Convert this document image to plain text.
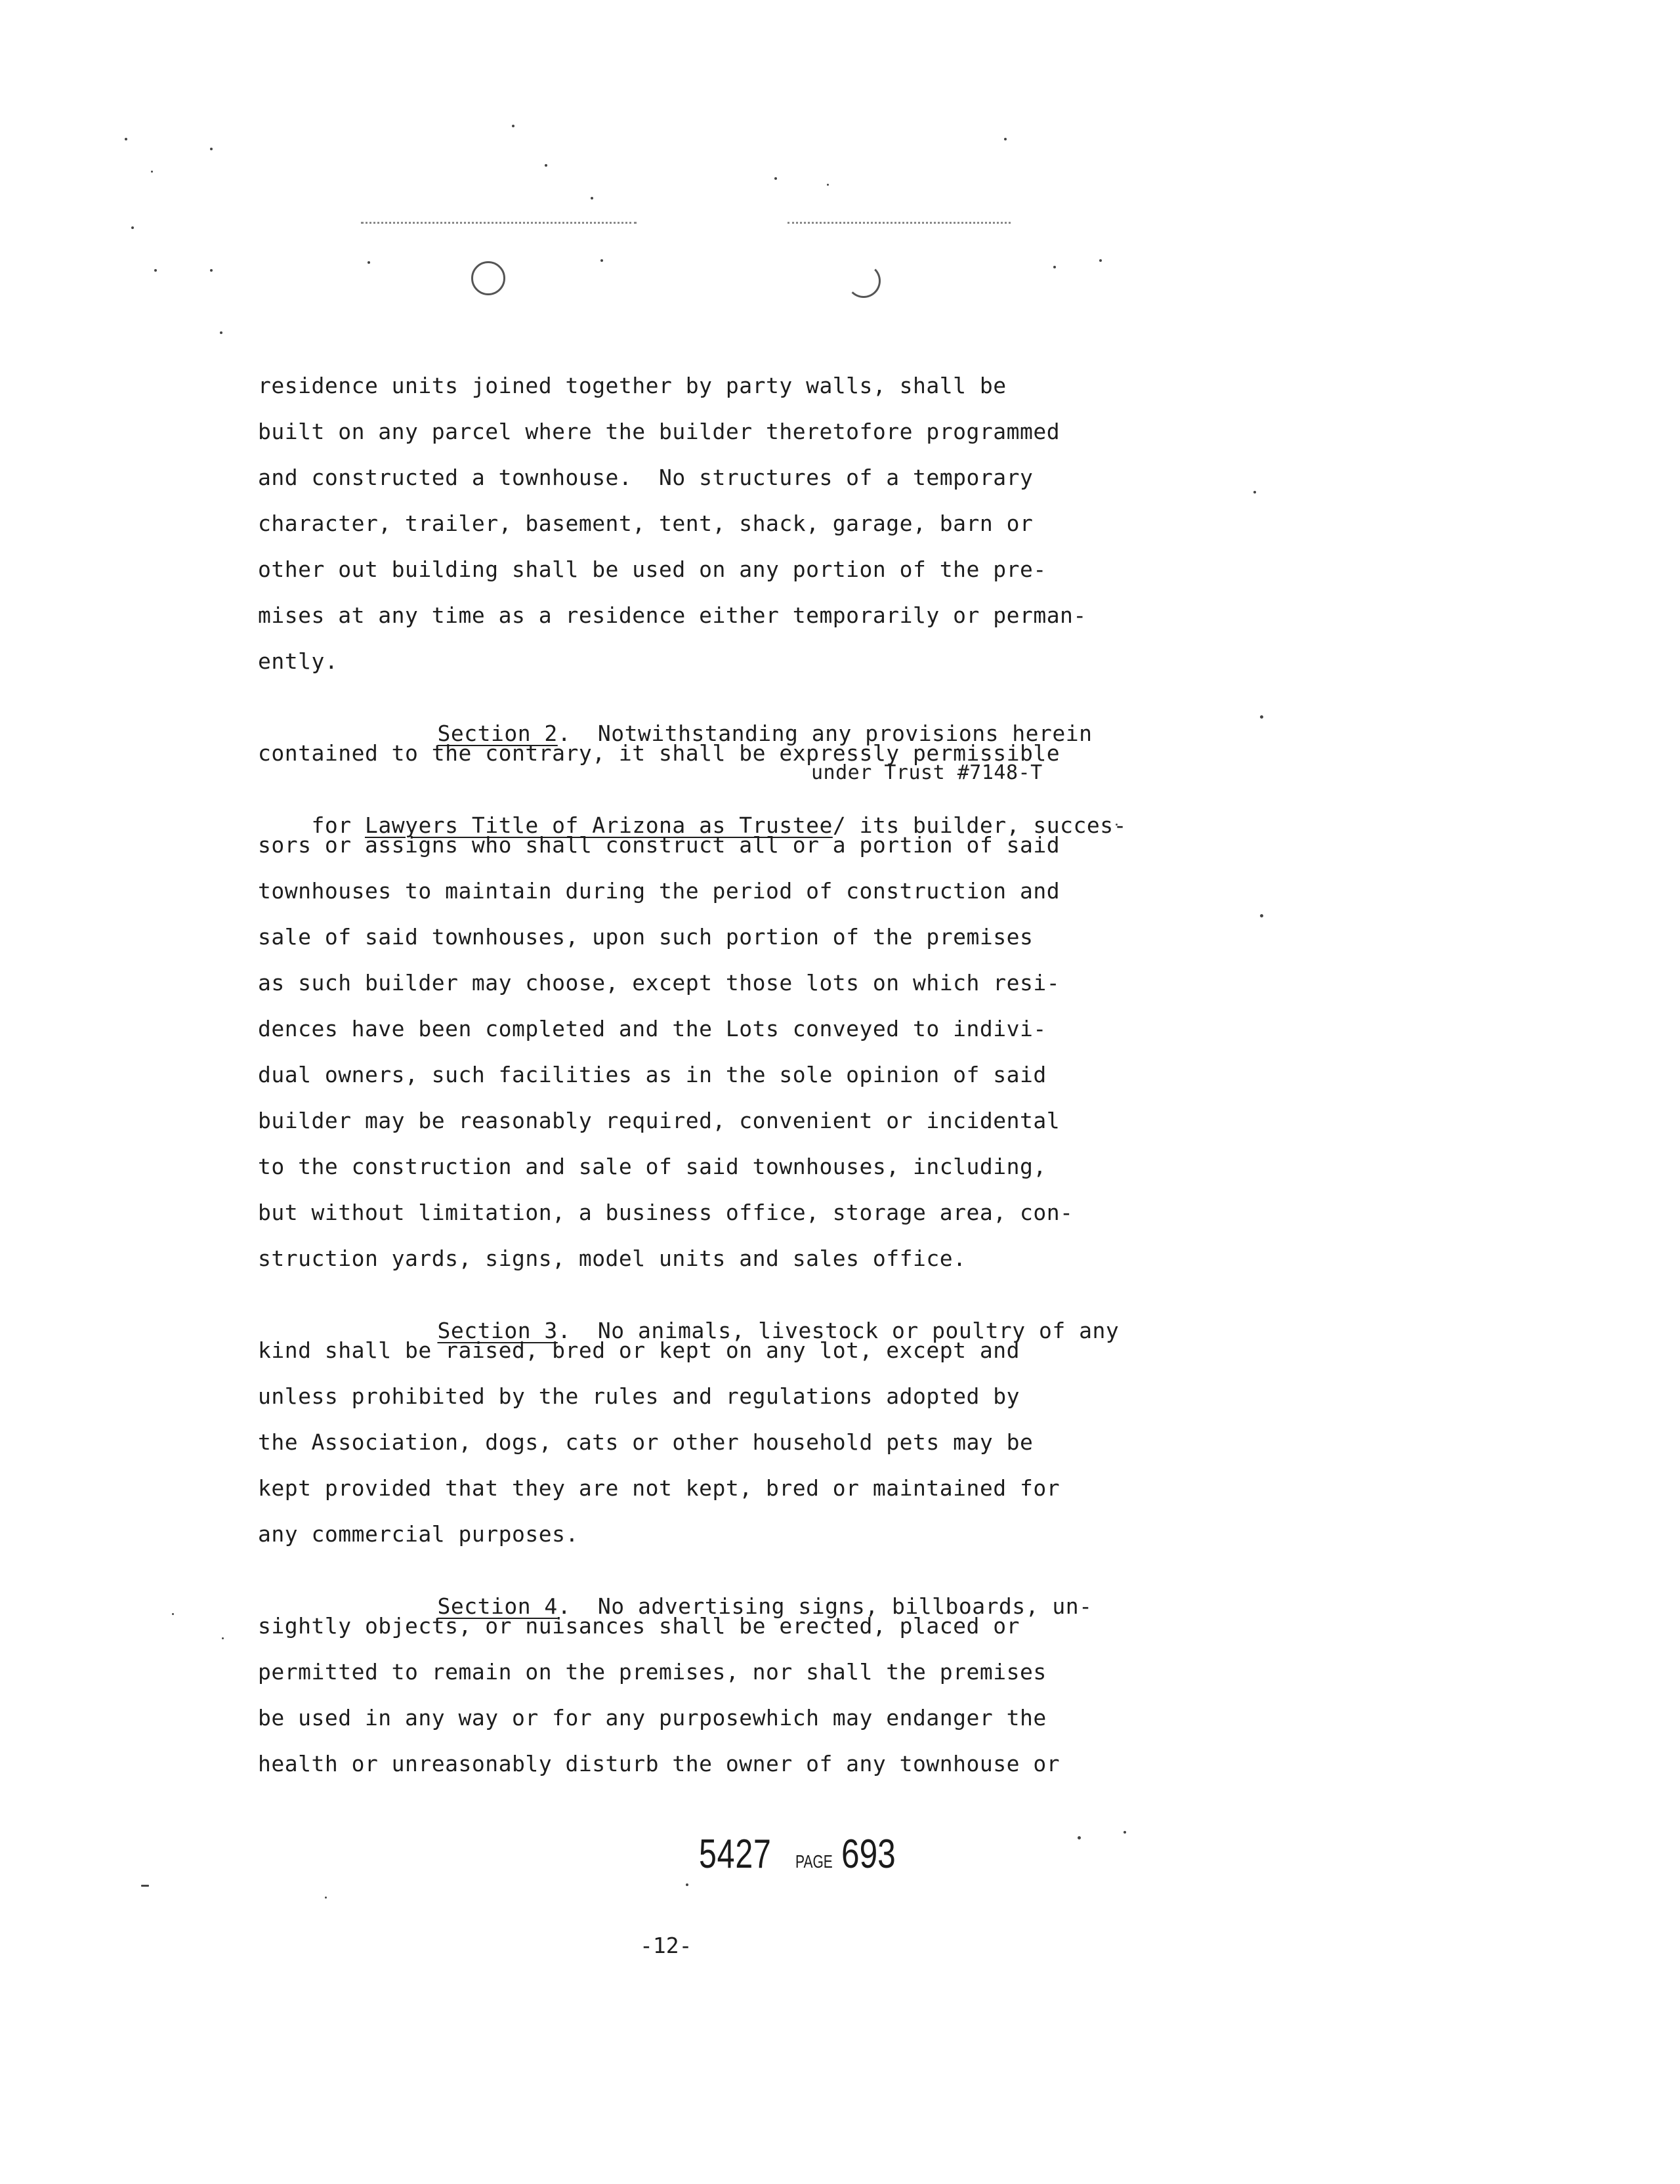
residence units joined together by party walls, shall be
built on any parcel where the builder theretofore programmed
and constructed a townhouse.  No structures of a temporary
character, trailer, basement, tent, shack, garage, barn or
other out building shall be used on any portion of the pre-
mises at any time as a residence either temporarily or perman-
ently.

Section 2.  Notwithstanding any provisions herein

contained to the contrary, it shall be expressly permissible
under Trust #7148-T

for Lawyers Title of Arizona as Trustee/ its builder, succes-

sors or assigns who shall construct all or a portion of said
townhouses to maintain during the period of construction and
sale of said townhouses, upon such portion of the premises
as such builder may choose, except those lots on which resi-
dences have been completed and the Lots conveyed to indivi-
dual owners, such facilities as in the sole opinion of said
builder may be reasonably required, convenient or incidental
to the construction and sale of said townhouses, including,
but without limitation, a business office, storage area, con-
struction yards, signs, model units and sales office.

Section 3.  No animals, livestock or poultry of any

kind shall be raised, bred or kept on any lot, except and
unless prohibited by the rules and regulations adopted by
the Association, dogs, cats or other household pets may be
kept provided that they are not kept, bred or maintained for
any commercial purposes.

Section 4.  No advertising signs, billboards, un-

sightly objects, or nuisances shall be erected, placed or
permitted to remain on the premises, nor shall the premises
be used in any way or for any purposewhich may endanger the
health or unreasonably disturb the owner of any townhouse or
5427	PAGE 693
-12-
